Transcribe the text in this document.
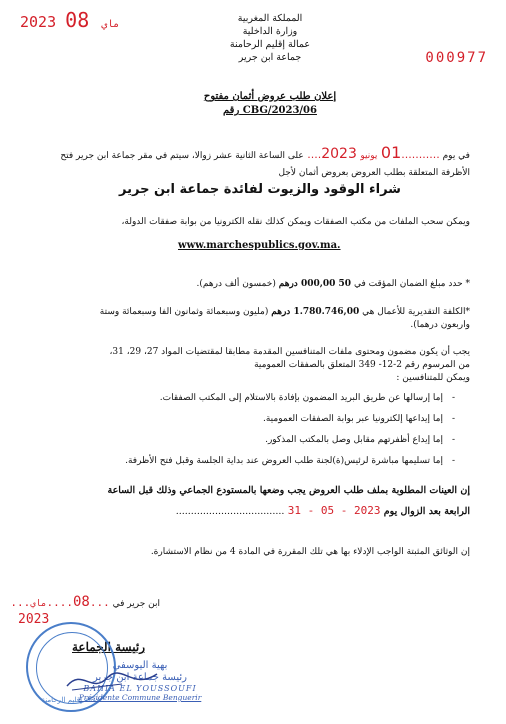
2023	ماي 08
000977
المملكة المغربية
وزارة الداخلية
عمالة إقليم الرحامنة
جماعة ابن جرير
إعلان طلب عروض أثمان مفتوح
رقم CBG/2023/06
في يوم ...........01 يونيو 2023.... على الساعة الثانية عشر زوالا، سيتم في مقر جماعة ابن جرير فتح
الأظرفة المتعلقة بطلب العروض بعروض أثمان لأجل
شراء الوقود والزيوت لفائدة جماعة ابن جرير
ويمكن سحب الملفات من مكتب الصفقات ويمكن كذلك نقله الكترونيا من بوابة صفقات الدولة،
www.marchespublics.gov.ma.
* حدد مبلغ الضمان المؤقت في 50 000,00 درهم (خمسون ألف درهم).
*الكلفة التقديرية للأعمال هي 1.780.746,00 درهم (مليون وسبعمائة وثمانون الفا وسبعمائة وستة
واربعون درهما).
يجب أن يكون مضمون ومحتوى ملفات المتنافسين المقدمة مطابقا لمقتضيات المواد 27، 29، 31،
من المرسوم رقم 2-12- 349 المتعلق بالصفقات العمومية
ويمكن للمتنافسين :
- إما إرسالها عن طريق البريد المضمون بإفادة بالاستلام إلى المكتب الصفقات.
- إما إيداعها إلكترونيا عبر بوابة الصفقات العمومية.
- إما إيداع أظفرتهم مقابل وصل بالمكتب المذكور.
- إما تسليمها مباشرة لرئيس(ة)لجنة طلب العروض عند بداية الجلسة وقبل فتح الأظرفة.
إن العينات المطلوبة بملف طلب العروض يجب وضعها بالمستودع الجماعي وذلك قبل الساعة
الرابعة بعد الزوال يوم 2023 - 05 - 31 ....................................
إن الوثائق المثبتة الواجب الإدلاء بها هي تلك المقررة في المادة 4 من نظام الاستشارة.
ابن جرير في ...08....ماي...
2023
رئيسة الجماعة
عمالة إقليم الرحامنة
بهية اليوسفي
رئيسة جماعة ابن جرير
BAHIA EL YOUSSOUFI
Présidente Commune Benguerir
